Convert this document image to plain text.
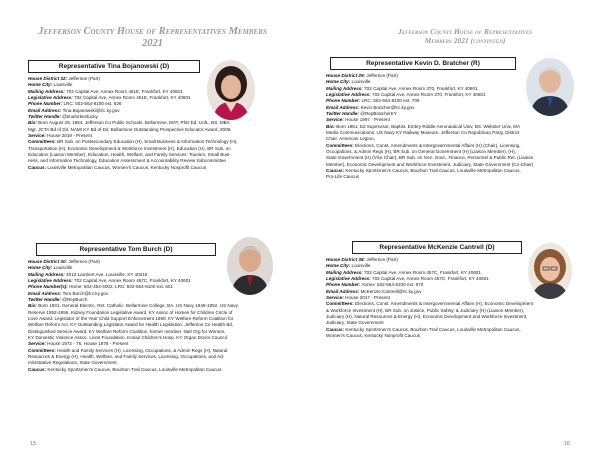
Jefferson County House of Representatives Members
2021
Representative Tina Bojanowski (D)
House District 32: Jefferson (Part)
Home City: Louisville
Mailing Address: 702 Capital Ave, Annex Room 451E, Frankfort, KY 40601
Legislative Address: 702 Capital Ave, Annex Room 451E, Frankfort, KY 40601
Phone Number: LRC: 502-564-8100 ext. 626
Email Address: Tina.Bojanowski@lrc.ky.gov
Twitter Handle: @tinaforkentucky
Bio: Born August 29, 1964. Jefferson Co Public Schools. Bellarmine, MAT, PhD Ed. UofL, BS, MBA
Mgt. JCTA Bd of Dir. NAMI KY Bd of Dir. Bellarmine Outstanding Prospective Educator Award, 2009.
Service: House 2019 - Present
Committees: BR Sub. on Postsecondary Education (H), Small Business & Information Technology (H),
Transportation (H), Economic Development & Workforce Investment (H), Education (H), BR Sub. on
Education (Liaison Member), Education, Health, Welfare, and Family Services, Tourism, Small Busi-
ness, and Information Technology, Education Assessment & Accountability Review Subcommittee
Caucus: Louisville Metropolitan Caucus, Women's Caucus, Kentucky Nonprofit Caucus
Representative Tom Burch (D)
House District 30: Jefferson (Part)
Home City: Louisville
Mailing Address: 4012 Lambert Ave, Louisville, KY 40218
Legislative Address: 702 Capital Ave, Annex Room 457C, Frankfort, KY 40601
Phone Number(s): Home: 502-454-4002, LRC: 502-564-8100 ext. 601
Email Address: Tom.Burch@lrc.ky.gov
Twitter Handle: @RepBurch
Bio: Born 1931. General Electric, Ret. Catholic. Bellarmine College, BA. US Navy 1949-1952, US Navy
Reserve 1952-1956. Kidney Foundation Legislative Award. KY Assoc of Homes for Children Circle of
Love Award. Legislator of the Year Child Support Enforcement 1990. KY Welfare Reform Coalition for
Welfare Reform Act. KY Outstanding Legislator Award for Health Legislation. Jefferson Co Health Bd,
Distinguished Service Award. KY Welfare Reform Coalition, former member. Natl Org for Women,
KY Domestic Violence Assoc. Lions Foundation. Kosair Children's Hosp. KY Organ Donor Council.
Service: House 1972 - 75, House 1978 - Present
Committees: Health and Family Services (H), Licensing, Occupations, & Admin Regs (H), Natural
Resources & Energy (H), Health, Welfare, and Family Services, Licensing, Occupations, and Ad-
ministrative Regulations, State Government
Caucus: Kentucky Sportsmen's Caucus, Bourbon Trail Caucus, Louisville Metropolitan Caucus
15
Jefferson County House of Representatives
Members 2021 (continued)
Representative Kevin D. Bratcher (R)
House District 29: Jefferson (Part)
Home City: Louisville
Mailing Address: 702 Capital Ave, Annex Room 370, Frankfort, KY 40601
Legislative Address: 702 Capital Ave, Annex Room 370, Frankfort, KY 40601
Phone Number: LRC: 502-564-8100 ext. 709
Email Address: Kevin.Bratcher@lrc.ky.gov
Twitter Handle: @RepBratcherKY
Service: House 1997 - Present
Bio: Born 1961. Ed Supervisor, Baptist. Embry-Riddle Aeronautical Univ, BS. Webster Univ, MA
Media Communications. US Navy KY Railway Museum. Jefferson Co Republican Party, District
Chair. American Legion.
Committees: Elections, Const. Amendments & Intergovernmental Affairs (H) (Chair), Licensing,
Occupations, & Admin Regs (H), BR Sub. on General Government (H) (Liaison Member), (H),
State Government (H) (Vice Chair), BR Sub. on Gen. Govt., Finance, Personnel & Public Ret. (Liaison
Member), Economic Development and Workforce Investment, Judiciary, State Government (Co-Chair)
Caucus: Kentucky Sportsmen's Caucus, Bourbon Trail Caucus, Louisville Metropolitan Caucus,
Pro-Life Caucus
Representative McKenzie Cantrell (D)
House District 38: Jefferson (Part)
Home City: Louisville
Mailing Address: 702 Capital Ave, Annex Room 457C, Frankfort, KY 40601
Legislative Address: 702 Capital Ave, Annex Room 457C, Frankfort, KY 40601
Phone Number: Annex: 502-564-8100 ext. 670
Email Address: McKenzie.Cantrell@lrc.ky.gov
Service: House 2017 - Present
Committees: Elections, Const. Amendments & Intergovernmental Affairs (H), Economic Development
& Workforce Investment (H), BR Sub. on Justice, Public Safety, & Judiciary (H) (Liaison Member),
Judiciary (H), Natural Resources & Energy (H), Economic Development and Workforce Investment,
Judiciary, State Government
Caucus: Kentucky Sportsmen's Caucus, Bourbon Trail Caucus, Louisville Metropolitan Caucus,
Women's Caucus, Kentucky Nonprofit Caucus
16
